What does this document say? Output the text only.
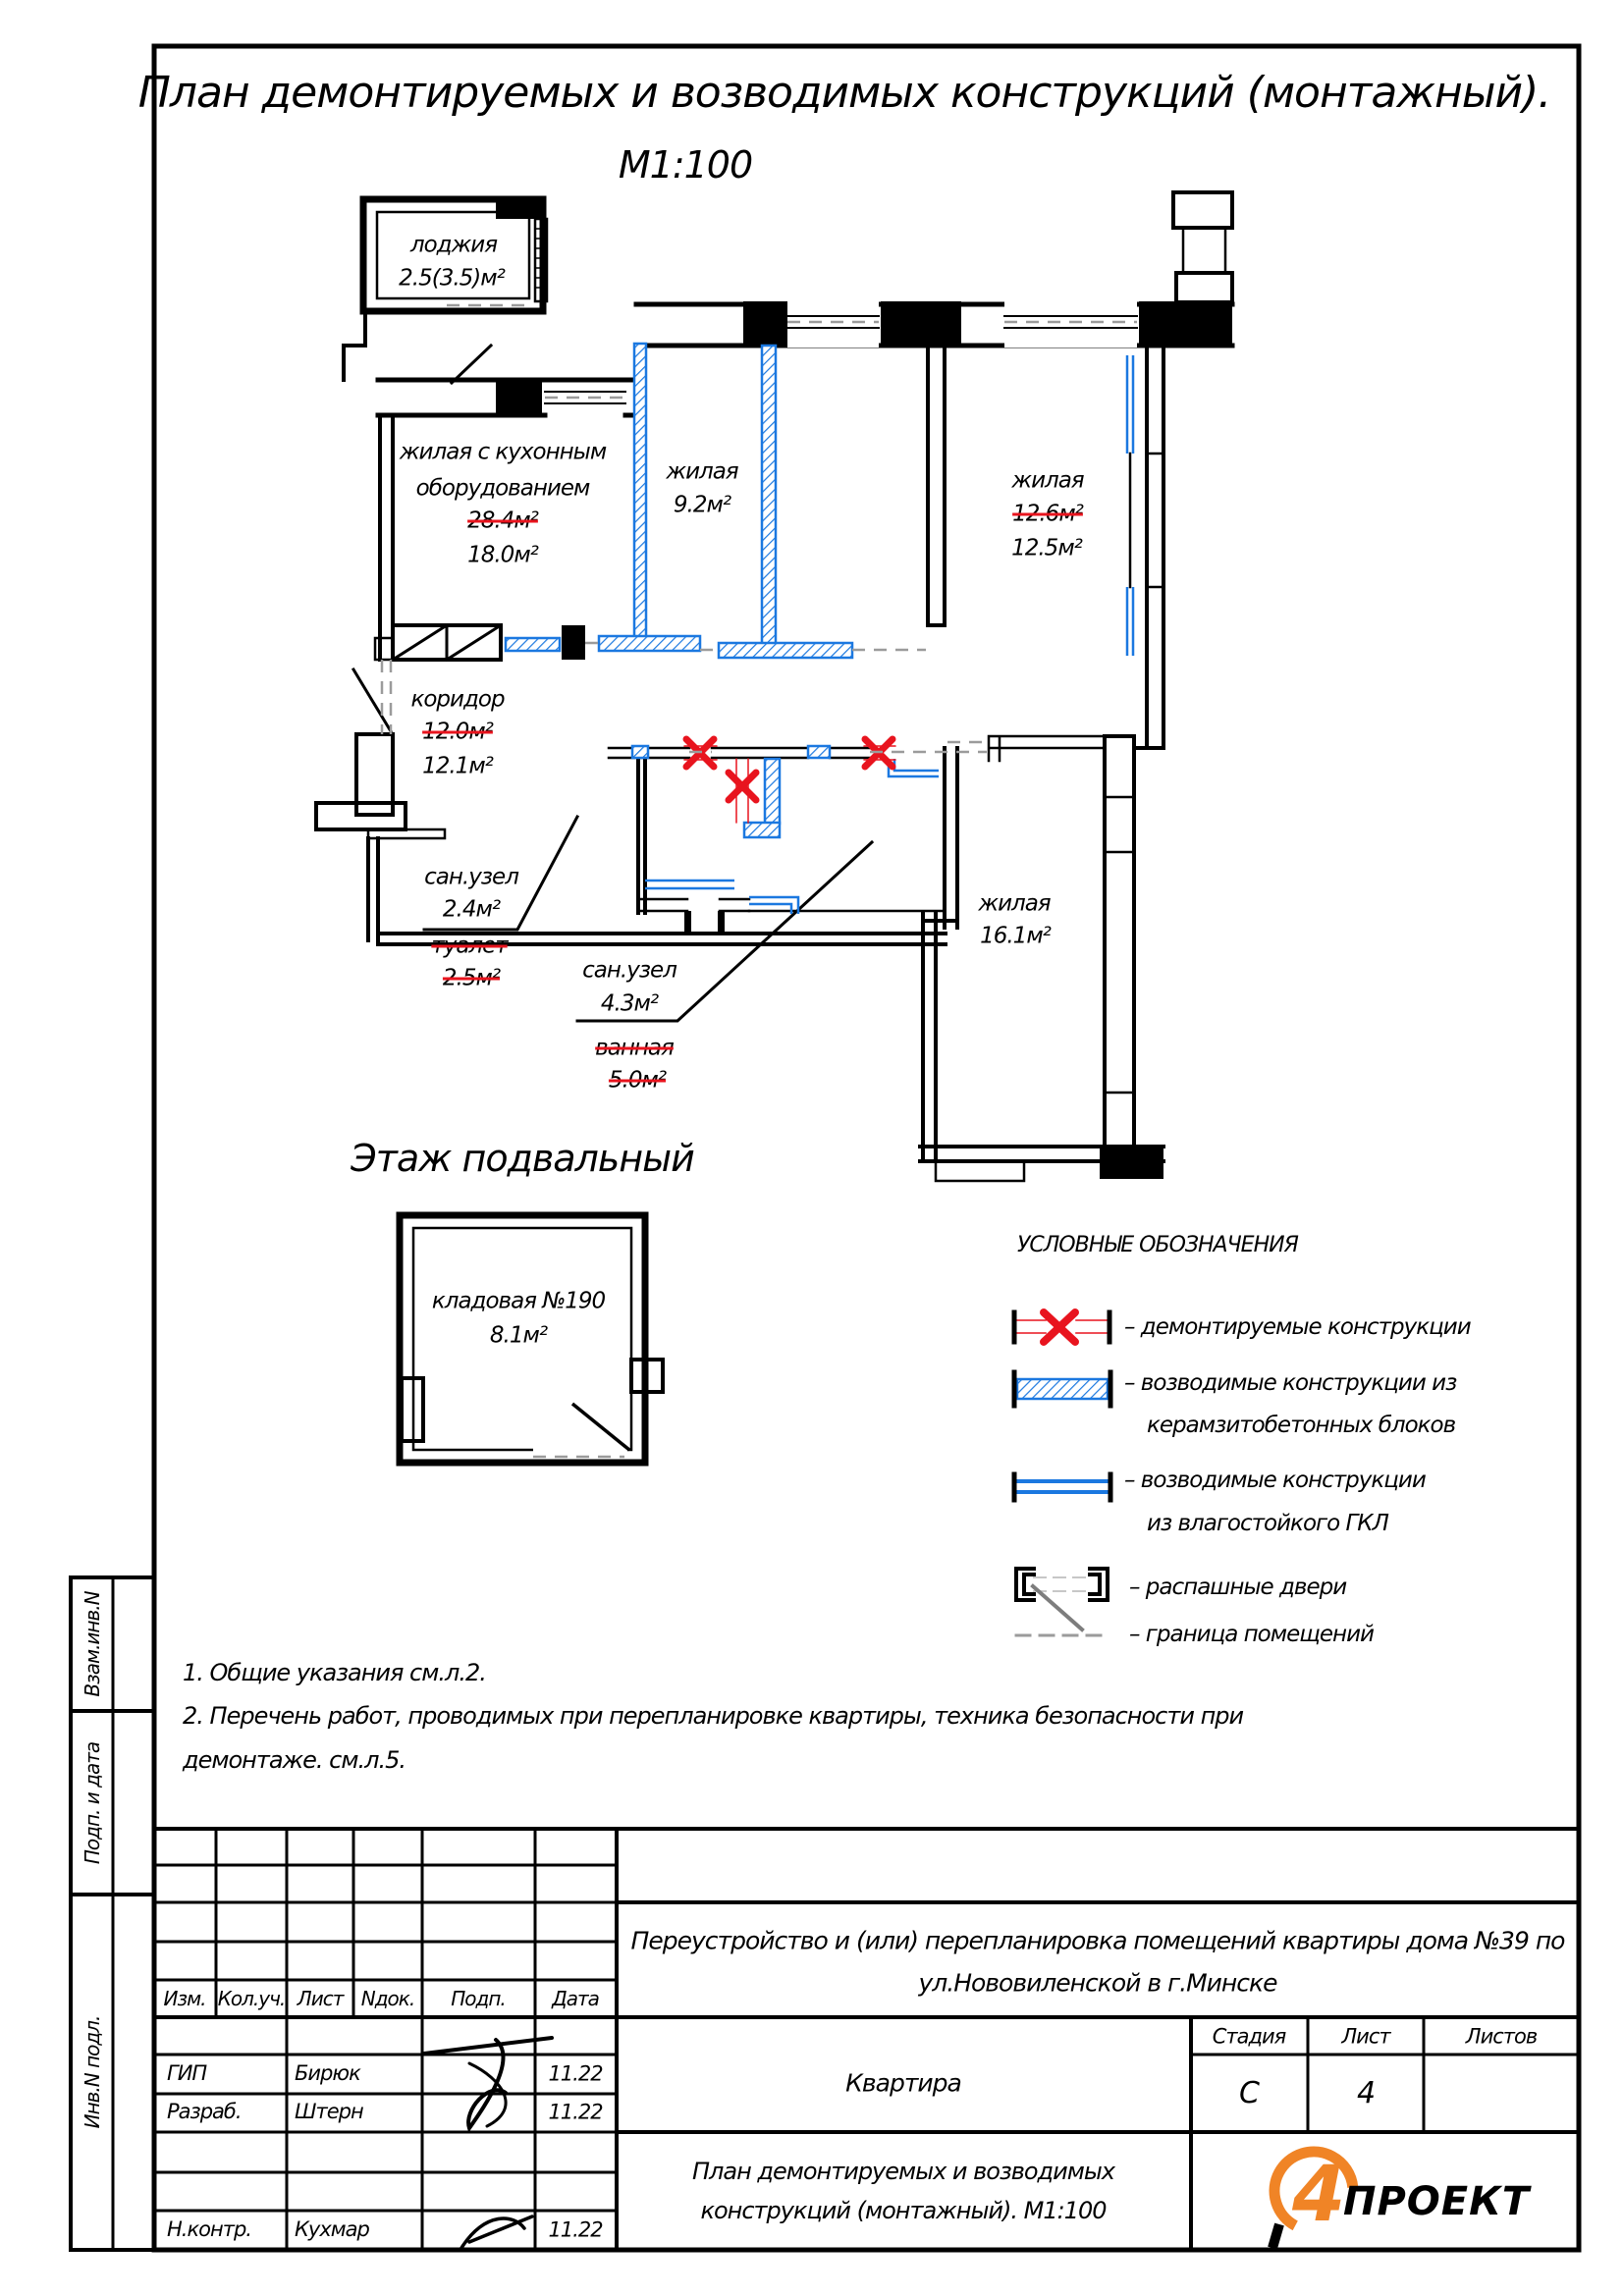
4
ПРОЕКТ
План демонтируемых и возводимых конструкций (монтажный).
М1:100
лоджия
2.5(3.5)м²
жилая с кухонным
оборудованием
28.4м²
18.0м²
жилая
9.2м²
жилая
12.6м²
12.5м²
коридор
12.0м²
12.1м²
сан.узел
2.4м²
туалет
2.5м²	сан.узел
4.3м²
ванная
5.0м²
жилая
16.1м²
Этаж подвальный
кладовая №190
8.1м²
УСЛОВНЫЕ ОБОЗНАЧЕНИЯ
– демонтируемые конструкции
– возводимые конструкции из
керамзитобетонных блоков
– возводимые конструкции
из влагостойкого ГКЛ
– распашные двери
– граница помещений
1. Общие указания см.л.2.
2. Перечень работ, проводимых при перепланировке квартиры, техника безопасности при
демонтаже. см.л.5.
Изм. Кол.уч. Лист Nдок. Подп. Дата
ГИП	Бирюк	11.22
Разраб.	Штерн	11.22
Н.контр. Кухмар	11.22
Переустройство и (или) перепланировка помещений квартиры дома №39 по
ул.Нововиленской в г.Минске
Квартира
Стадия	Лист	Листов
С	4
План демонтируемых и возводимых
конструкций (монтажный). М1:100
Взам.инв.N
Подп. и дата
Инв.N подл.
